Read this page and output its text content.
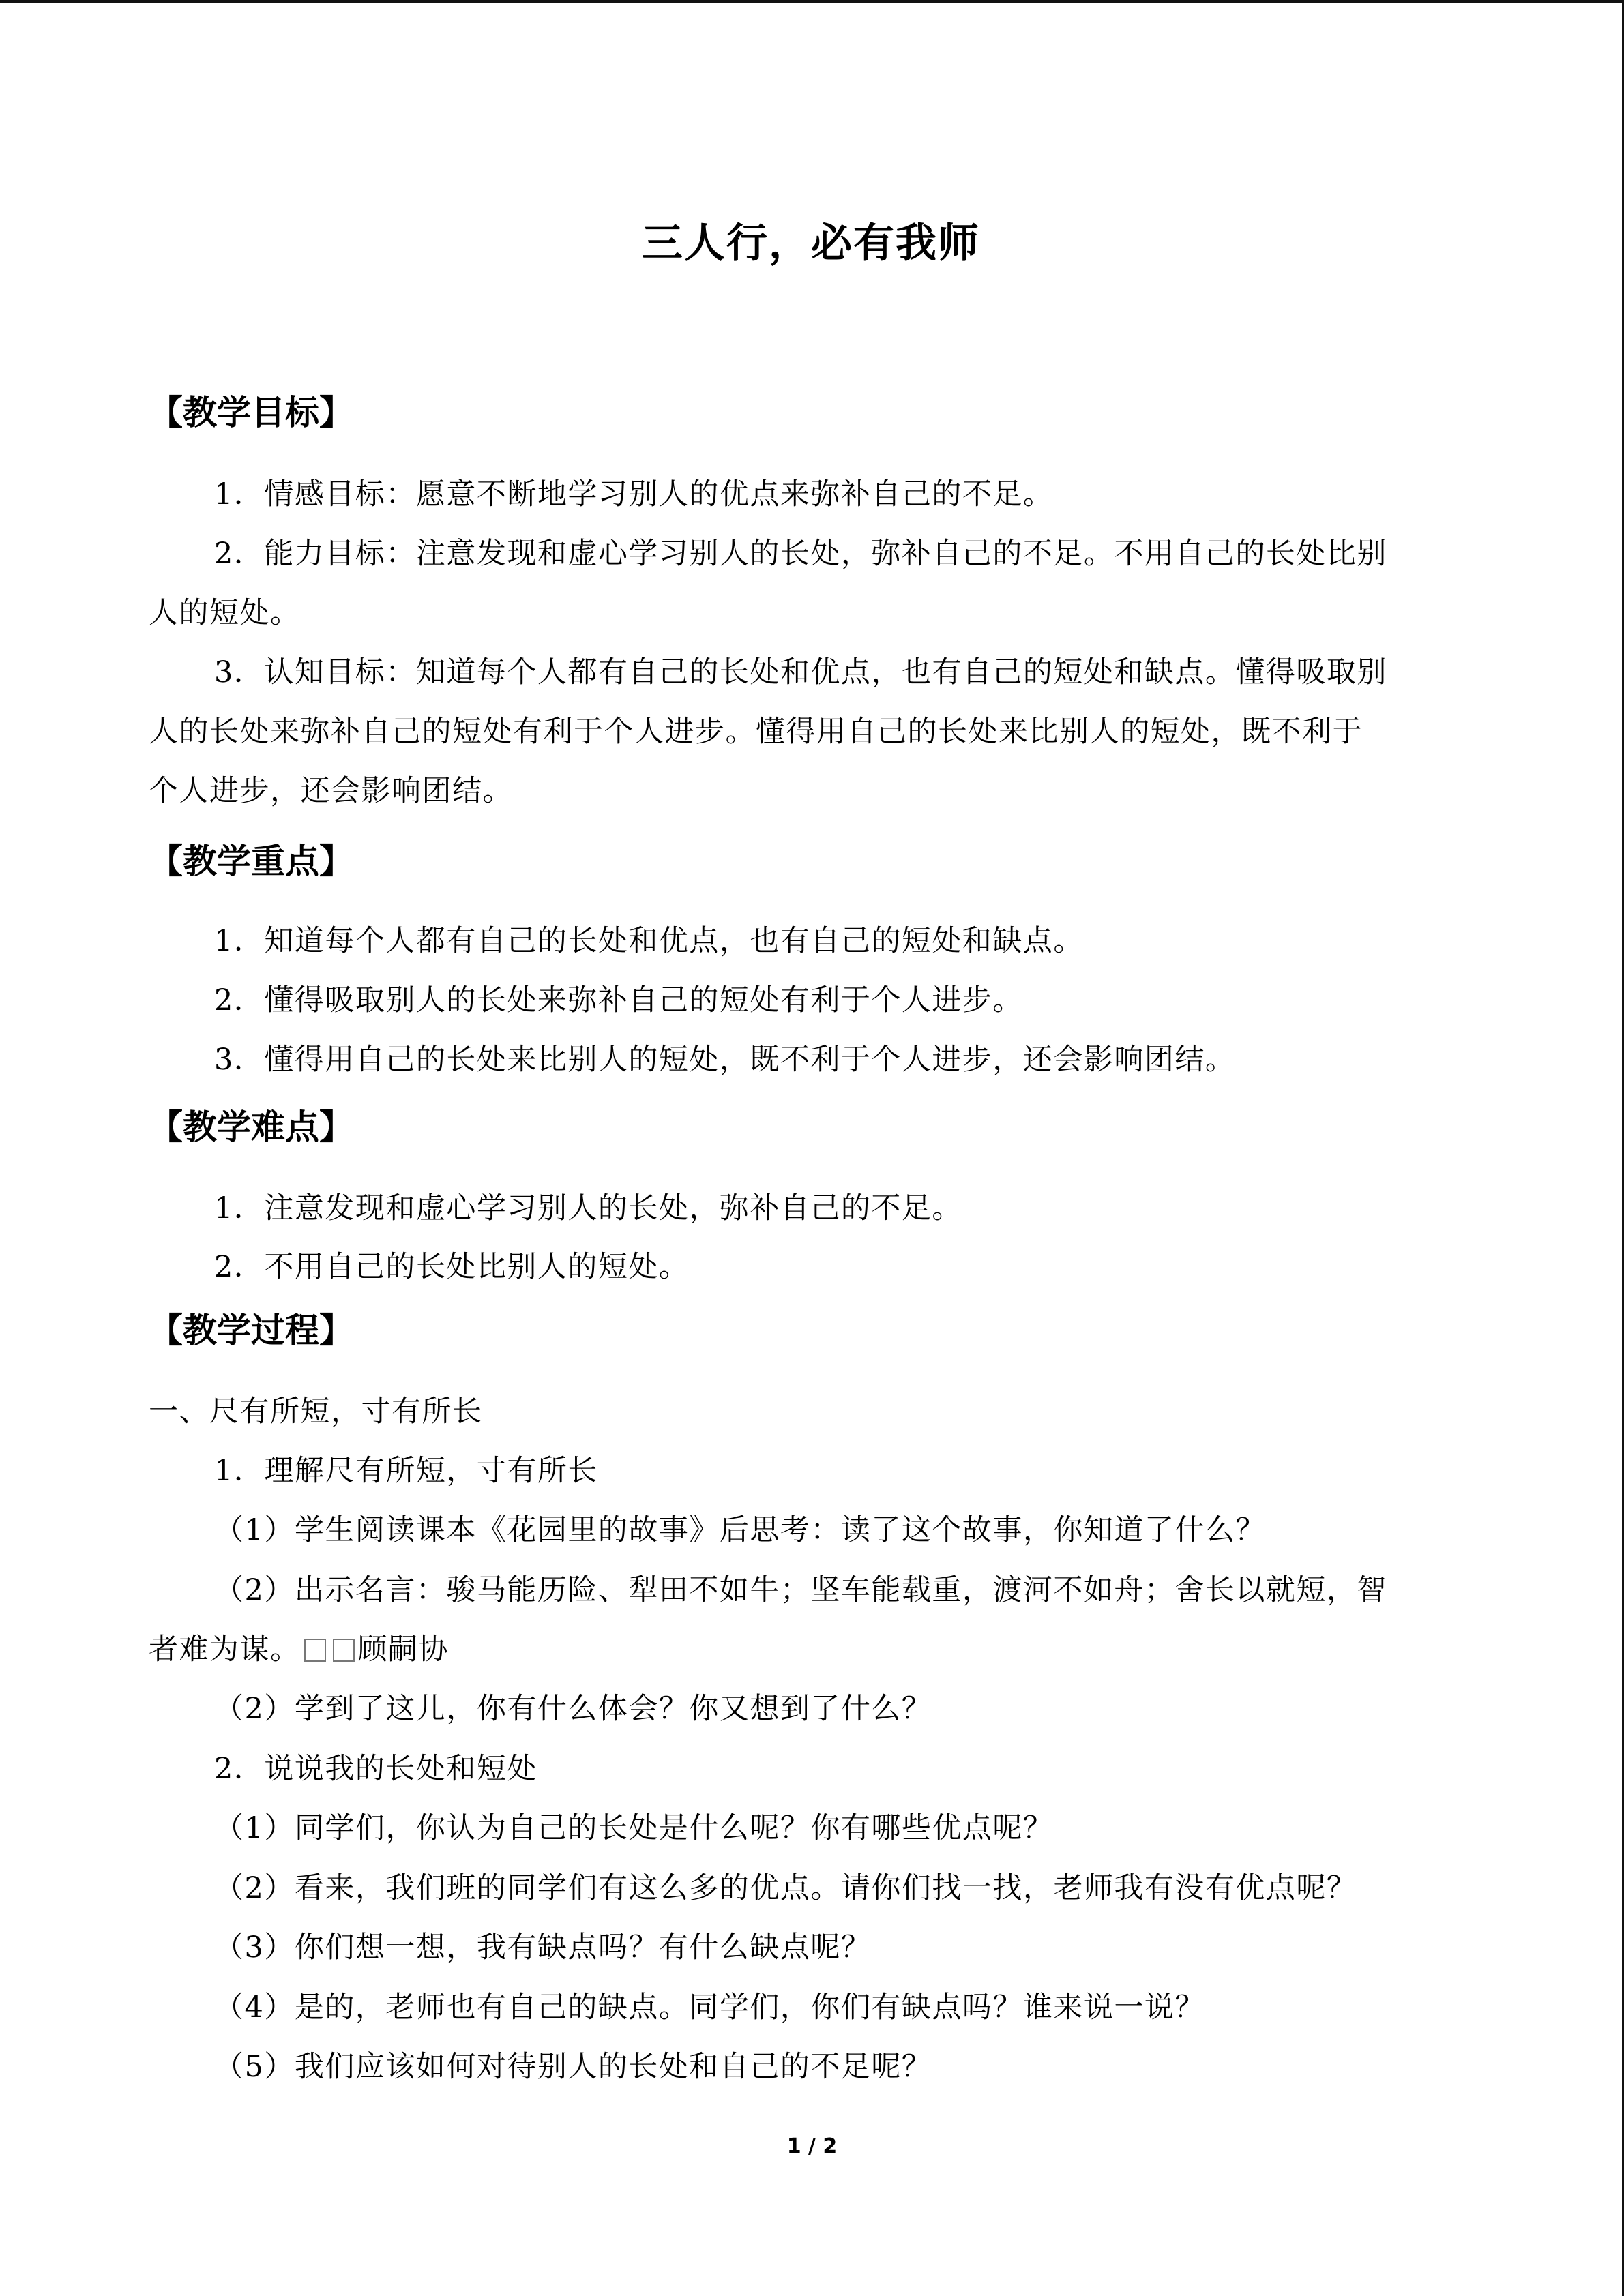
三人行，必有我师
【教学目标】
1．情感目标：愿意不断地学习别人的优点来弥补自己的不足。
2．能力目标：注意发现和虚心学习别人的长处，弥补自己的不足。不用自己的长处比别
人的短处。
3．认知目标：知道每个人都有自己的长处和优点，也有自己的短处和缺点。懂得吸取别
人的长处来弥补自己的短处有利于个人进步。懂得用自己的长处来比别人的短处，既不利于
个人进步，还会影响团结。
【教学重点】
1．知道每个人都有自己的长处和优点，也有自己的短处和缺点。
2．懂得吸取别人的长处来弥补自己的短处有利于个人进步。
3．懂得用自己的长处来比别人的短处，既不利于个人进步，还会影响团结。
【教学难点】
1．注意发现和虚心学习别人的长处，弥补自己的不足。
2．不用自己的长处比别人的短处。
【教学过程】
一、尺有所短，寸有所长
1．理解尺有所短，寸有所长
（1）学生阅读课本《花园里的故事》后思考：读了这个故事，你知道了什么？
（2）出示名言：骏马能历险、犁田不如牛；坚车能载重，渡河不如舟；舍长以就短，智
者难为谋。 顾嗣协
（2）学到了这儿，你有什么体会？你又想到了什么？
2．说说我的长处和短处
（1）同学们，你认为自己的长处是什么呢？你有哪些优点呢？
（2）看来，我们班的同学们有这么多的优点。请你们找一找，老师我有没有优点呢？
（3）你们想一想，我有缺点吗？有什么缺点呢？
（4）是的，老师也有自己的缺点。同学们，你们有缺点吗？谁来说一说？
（5）我们应该如何对待别人的长处和自己的不足呢？
1 / 2
